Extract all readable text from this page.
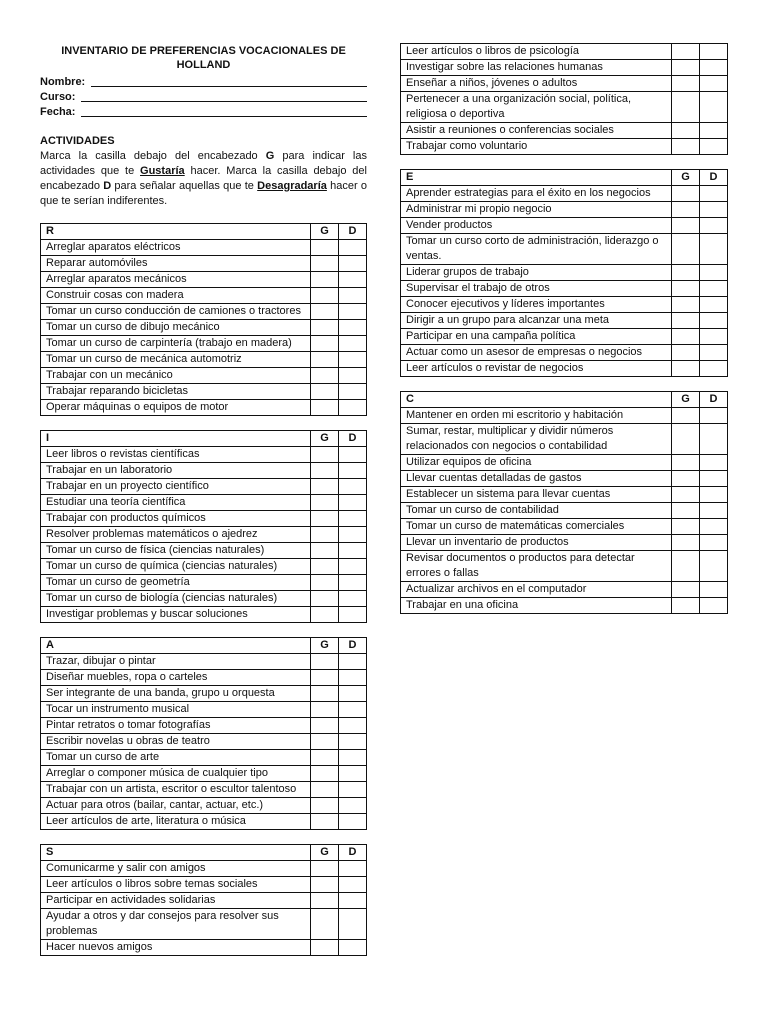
INVENTARIO DE PREFERENCIAS VOCACIONALES DE HOLLAND
Nombre:
Curso:
Fecha:
ACTIVIDADES

Marca la casilla debajo del encabezado G para indicar las actividades que te Gustaría hacer. Marca la casilla debajo del encabezado D para señalar aquellas que te Desagradaría hacer o que te serían indiferentes.

R	G	D
Arreglar aparatos eléctricos		
Reparar automóviles		
Arreglar aparatos mecánicos		
Construir cosas con madera		
Tomar un curso conducción de camiones o tractores		
Tomar un curso de dibujo mecánico		
Tomar un curso de carpintería (trabajo en madera)		
Tomar un curso de mecánica automotriz		
Trabajar con un mecánico		
Trabajar reparando bicicletas		
Operar máquinas o equipos de motor		
I	G	D
Leer libros o revistas científicas		
Trabajar en un laboratorio		
Trabajar en un proyecto científico		
Estudiar una teoría científica		
Trabajar con productos químicos		
Resolver problemas matemáticos o ajedrez		
Tomar un curso de física (ciencias naturales)		
Tomar un curso de química (ciencias naturales)		
Tomar un curso de geometría		
Tomar un curso de biología (ciencias naturales)		
Investigar problemas y buscar soluciones		
A	G	D
Trazar, dibujar o pintar		
Diseñar muebles, ropa o carteles		
Ser integrante de una banda, grupo u orquesta		
Tocar un instrumento musical		
Pintar retratos o tomar fotografías		
Escribir novelas u obras de teatro		
Tomar un curso de arte		
Arreglar o componer música de cualquier tipo		
Trabajar con un artista, escritor o escultor talentoso		
Actuar para otros (bailar, cantar, actuar, etc.)		
Leer artículos de arte, literatura o música		
S	G	D
Comunicarme y salir con amigos		
Leer artículos o libros sobre temas sociales		
Participar en actividades solidarias		
Ayudar a otros y dar consejos para resolver sus problemas		
Hacer nuevos amigos		
Leer artículos o libros de psicología		
Investigar sobre las relaciones humanas		
Enseñar a niños, jóvenes o adultos		
Pertenecer a una organización social, política, religiosa o deportiva		
Asistir a reuniones o conferencias sociales		
Trabajar como voluntario		
E	G	D
Aprender estrategias para el éxito en los negocios		
Administrar mi propio negocio		
Vender productos		
Tomar un curso corto de administración, liderazgo o ventas.		
Liderar grupos de trabajo		
Supervisar el trabajo de otros		
Conocer ejecutivos y líderes importantes		
Dirigir a un grupo para alcanzar una meta		
Participar en una campaña política		
Actuar como un asesor de empresas o negocios		
Leer artículos o revistar de negocios		
C	G	D
Mantener en orden mi escritorio y habitación		
Sumar, restar, multiplicar y dividir números relacionados con negocios o contabilidad		
Utilizar equipos de oficina		
Llevar cuentas detalladas de gastos		
Establecer un sistema para llevar cuentas		
Tomar un curso de contabilidad		
Tomar un curso de matemáticas comerciales		
Llevar un inventario de productos		
Revisar documentos o productos para detectar errores o fallas		
Actualizar archivos en el computador		
Trabajar en una oficina		
